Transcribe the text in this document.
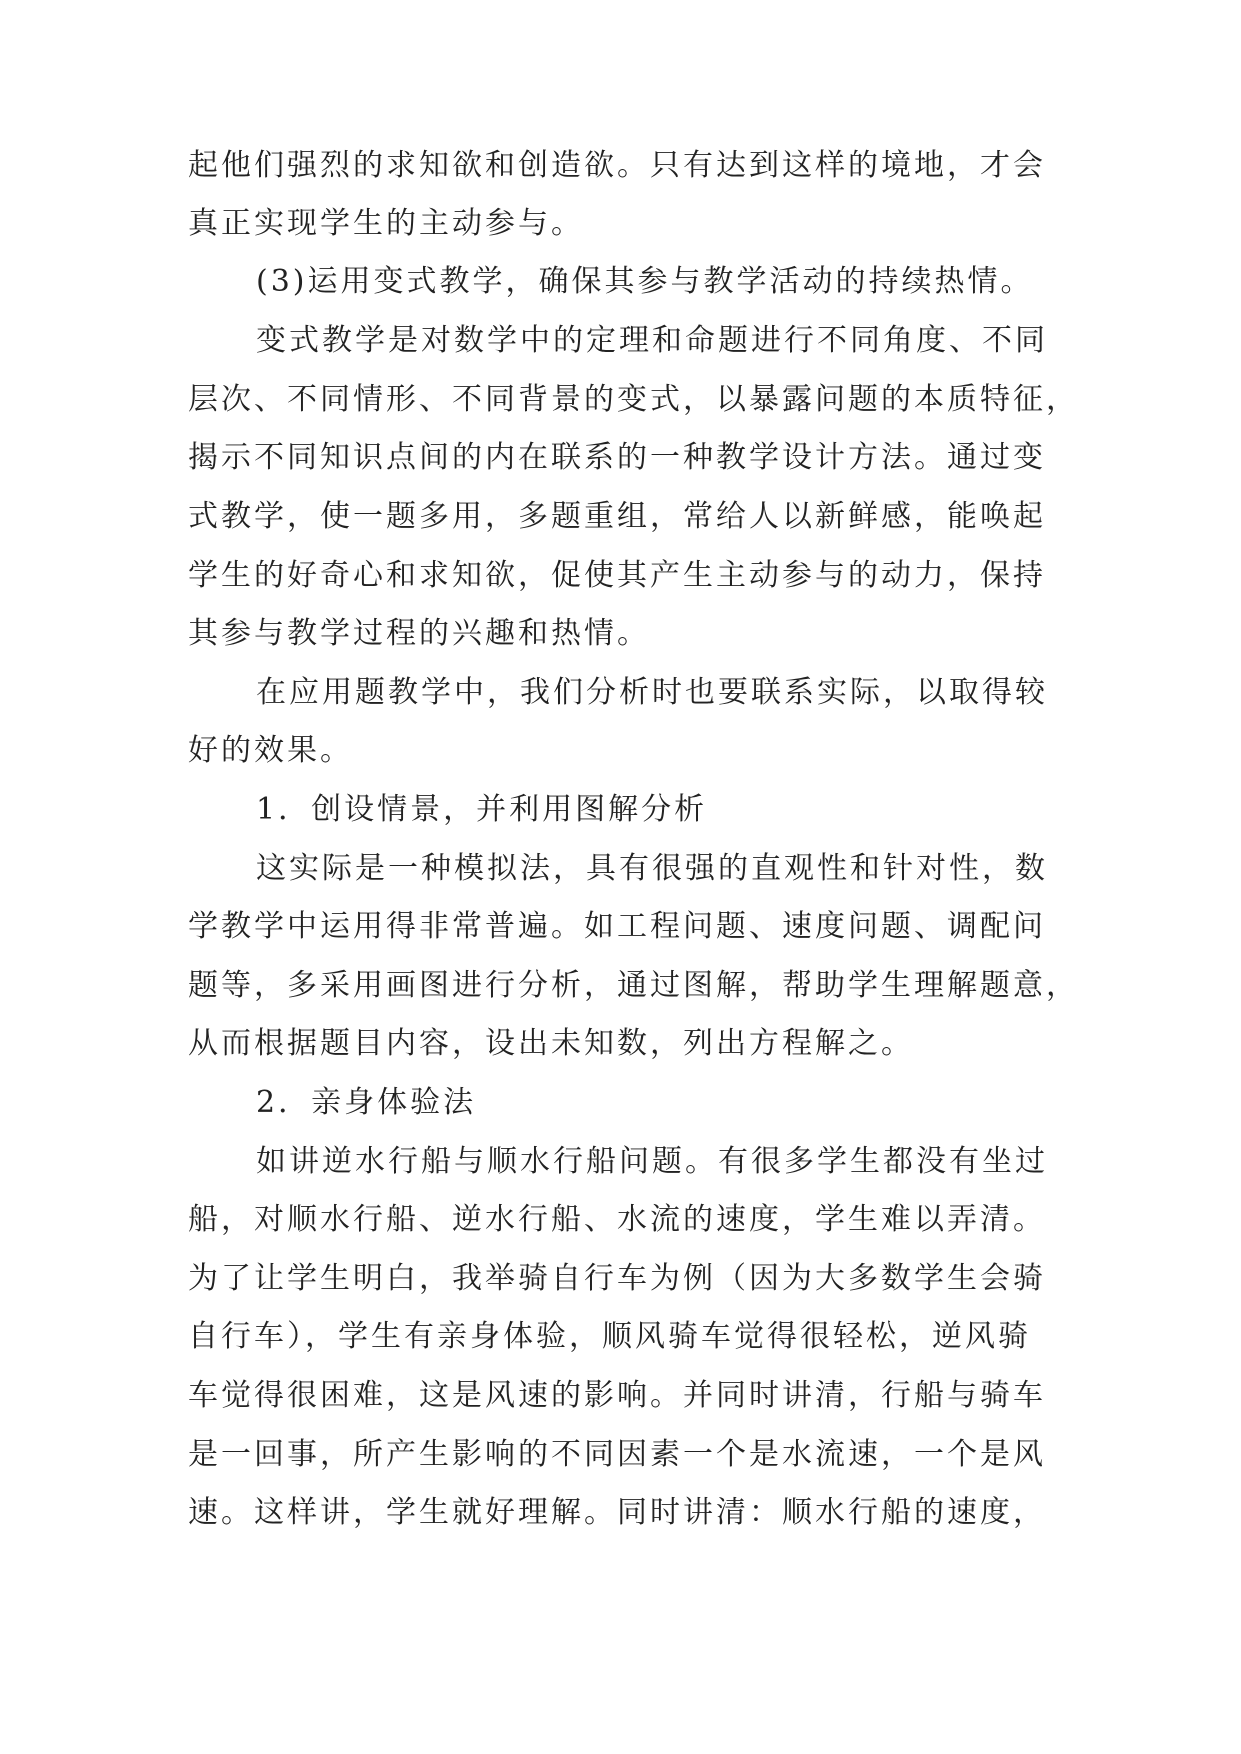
起他们强烈的求知欲和创造欲。只有达到这样的境地，才会
真正实现学生的主动参与。
(3)运用变式教学，确保其参与教学活动的持续热情。
变式教学是对数学中的定理和命题进行不同角度、不同
层次、不同情形、不同背景的变式，以暴露问题的本质特征，
揭示不同知识点间的内在联系的一种教学设计方法。通过变
式教学，使一题多用，多题重组，常给人以新鲜感，能唤起
学生的好奇心和求知欲，促使其产生主动参与的动力，保持
其参与教学过程的兴趣和热情。
在应用题教学中，我们分析时也要联系实际，以取得较
好的效果。
1．创设情景，并利用图解分析
这实际是一种模拟法，具有很强的直观性和针对性，数
学教学中运用得非常普遍。如工程问题、速度问题、调配问
题等，多采用画图进行分析，通过图解，帮助学生理解题意，
从而根据题目内容，设出未知数，列出方程解之。
2．亲身体验法
如讲逆水行船与顺水行船问题。有很多学生都没有坐过
船，对顺水行船、逆水行船、水流的速度，学生难以弄清。
为了让学生明白，我举骑自行车为例（因为大多数学生会骑
自行车），学生有亲身体验，顺风骑车觉得很轻松，逆风骑
车觉得很困难，这是风速的影响。并同时讲清，行船与骑车
是一回事，所产生影响的不同因素一个是水流速，一个是风
速。这样讲，学生就好理解。同时讲清：顺水行船的速度，
